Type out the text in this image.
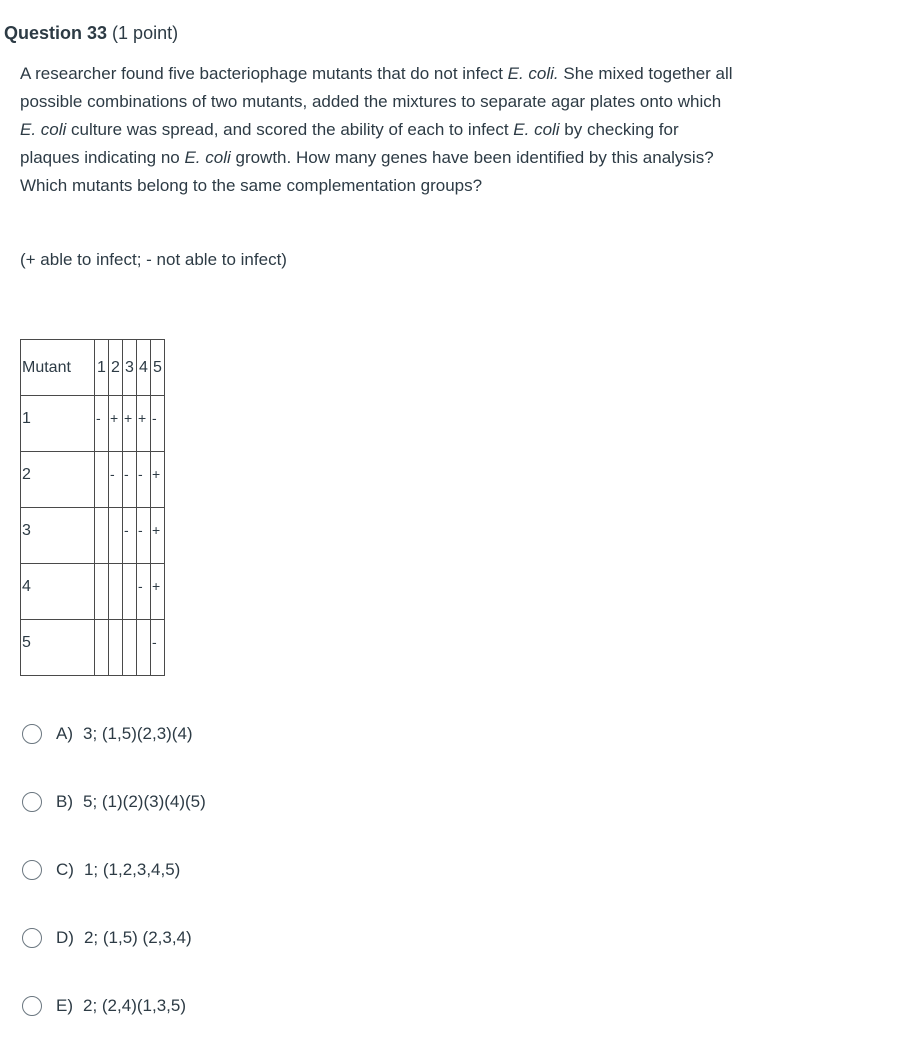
Question 33 (1 point)

A researcher found five bacteriophage mutants that do not infect E. coli. She mixed together all possible combinations of two mutants, added the mixtures to separate agar plates onto which E. coli culture was spread, and scored the ability of each to infect E. coli by checking for plaques indicating no E. coli growth. How many genes have been identified by this analysis? Which mutants belong to the same complementation groups?

(+ able to infect; - not able to infect)
Mutant	1	2	3	4	5
1	-	+	+	+	-
2		-	-	-	+
3			-	-	+
4				-	+
5					-
A) 3; (1,5)(2,3)(4)
B) 5; (1)(2)(3)(4)(5)
C) 1; (1,2,3,4,5)
D) 2; (1,5) (2,3,4)
E) 2; (2,4)(1,3,5)
